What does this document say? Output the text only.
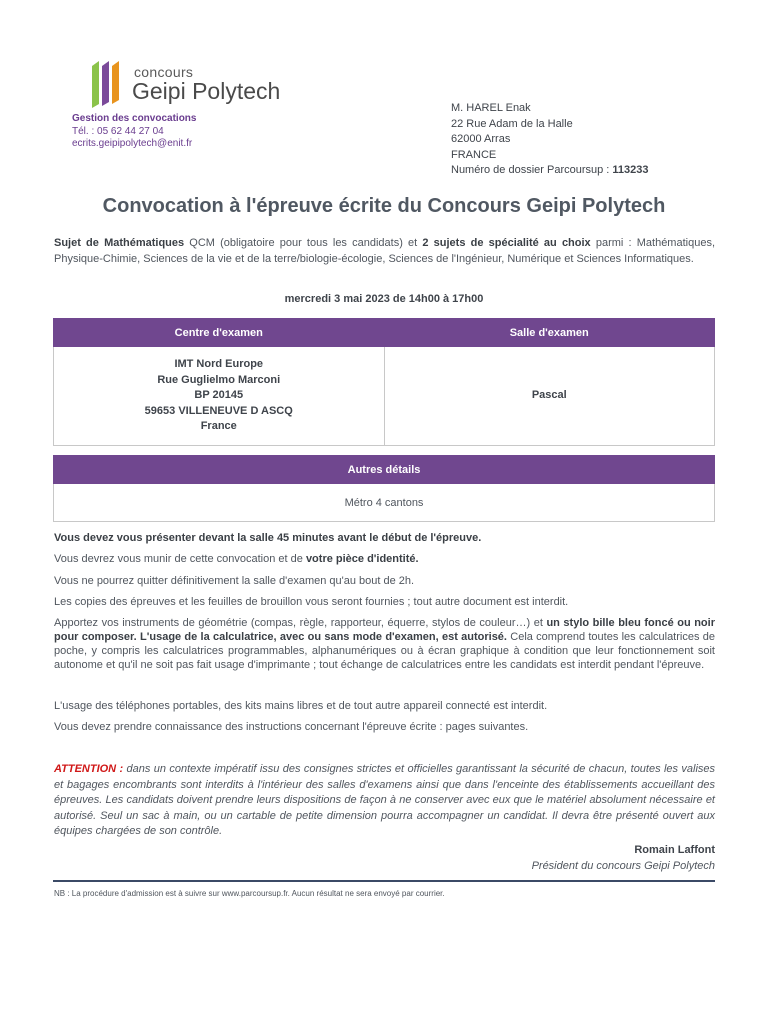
concours
Geipi Polytech
Gestion des convocations
Tél. : 05 62 44 27 04
ecrits.geipipolytech@enit.fr
M. HAREL Enak
22 Rue Adam de la Halle
62000 Arras
FRANCE
Numéro de dossier Parcoursup : 113233
Convocation à l'épreuve écrite du Concours Geipi Polytech
Sujet de Mathématiques QCM (obligatoire pour tous les candidats) et 2 sujets de spécialité au choix parmi : Mathématiques, Physique-Chimie, Sciences de la vie et de la terre/biologie-écologie, Sciences de l'Ingénieur, Numérique et Sciences Informatiques.
mercredi 3 mai 2023 de 14h00 à 17h00
Centre d'examen	Salle d'examen

IMT Nord Europe
Rue Guglielmo Marconi
BP 20145
59653 VILLENEUVE D ASCQ
France	Pascal
Autres détails
Métro 4 cantons
Vous devez vous présenter devant la salle 45 minutes avant le début de l'épreuve.
Vous devrez vous munir de cette convocation et de votre pièce d'identité.
Vous ne pourrez quitter définitivement la salle d'examen qu'au bout de 2h.
Les copies des épreuves et les feuilles de brouillon vous seront fournies ; tout autre document est interdit.
Apportez vos instruments de géométrie (compas, règle, rapporteur, équerre, stylos de couleur…) et un stylo bille bleu foncé ou noir pour composer. L'usage de la calculatrice, avec ou sans mode d'examen, est autorisé. Cela comprend toutes les calculatrices de poche, y compris les calculatrices programmables, alphanumériques ou à écran graphique à condition que leur fonctionnement soit autonome et qu'il ne soit pas fait usage d'imprimante ; tout échange de calculatrices entre les candidats est interdit pendant l'épreuve.
L'usage des téléphones portables, des kits mains libres et de tout autre appareil connecté est interdit.
Vous devez prendre connaissance des instructions concernant l'épreuve écrite : pages suivantes.
ATTENTION : dans un contexte impératif issu des consignes strictes et officielles garantissant la sécurité de chacun, toutes les valises et bagages encombrants sont interdits à l'intérieur des salles d'examens ainsi que dans l'enceinte des établissements accueillant des épreuves. Les candidats doivent prendre leurs dispositions de façon à ne conserver avec eux que le matériel absolument nécessaire et autorisé. Seul un sac à main, ou un cartable de petite dimension pourra accompagner un candidat. Il devra être présenté ouvert aux équipes chargées de son contrôle.
Romain Laffont
Président du concours Geipi Polytech
NB : La procédure d'admission est à suivre sur www.parcoursup.fr. Aucun résultat ne sera envoyé par courrier.
